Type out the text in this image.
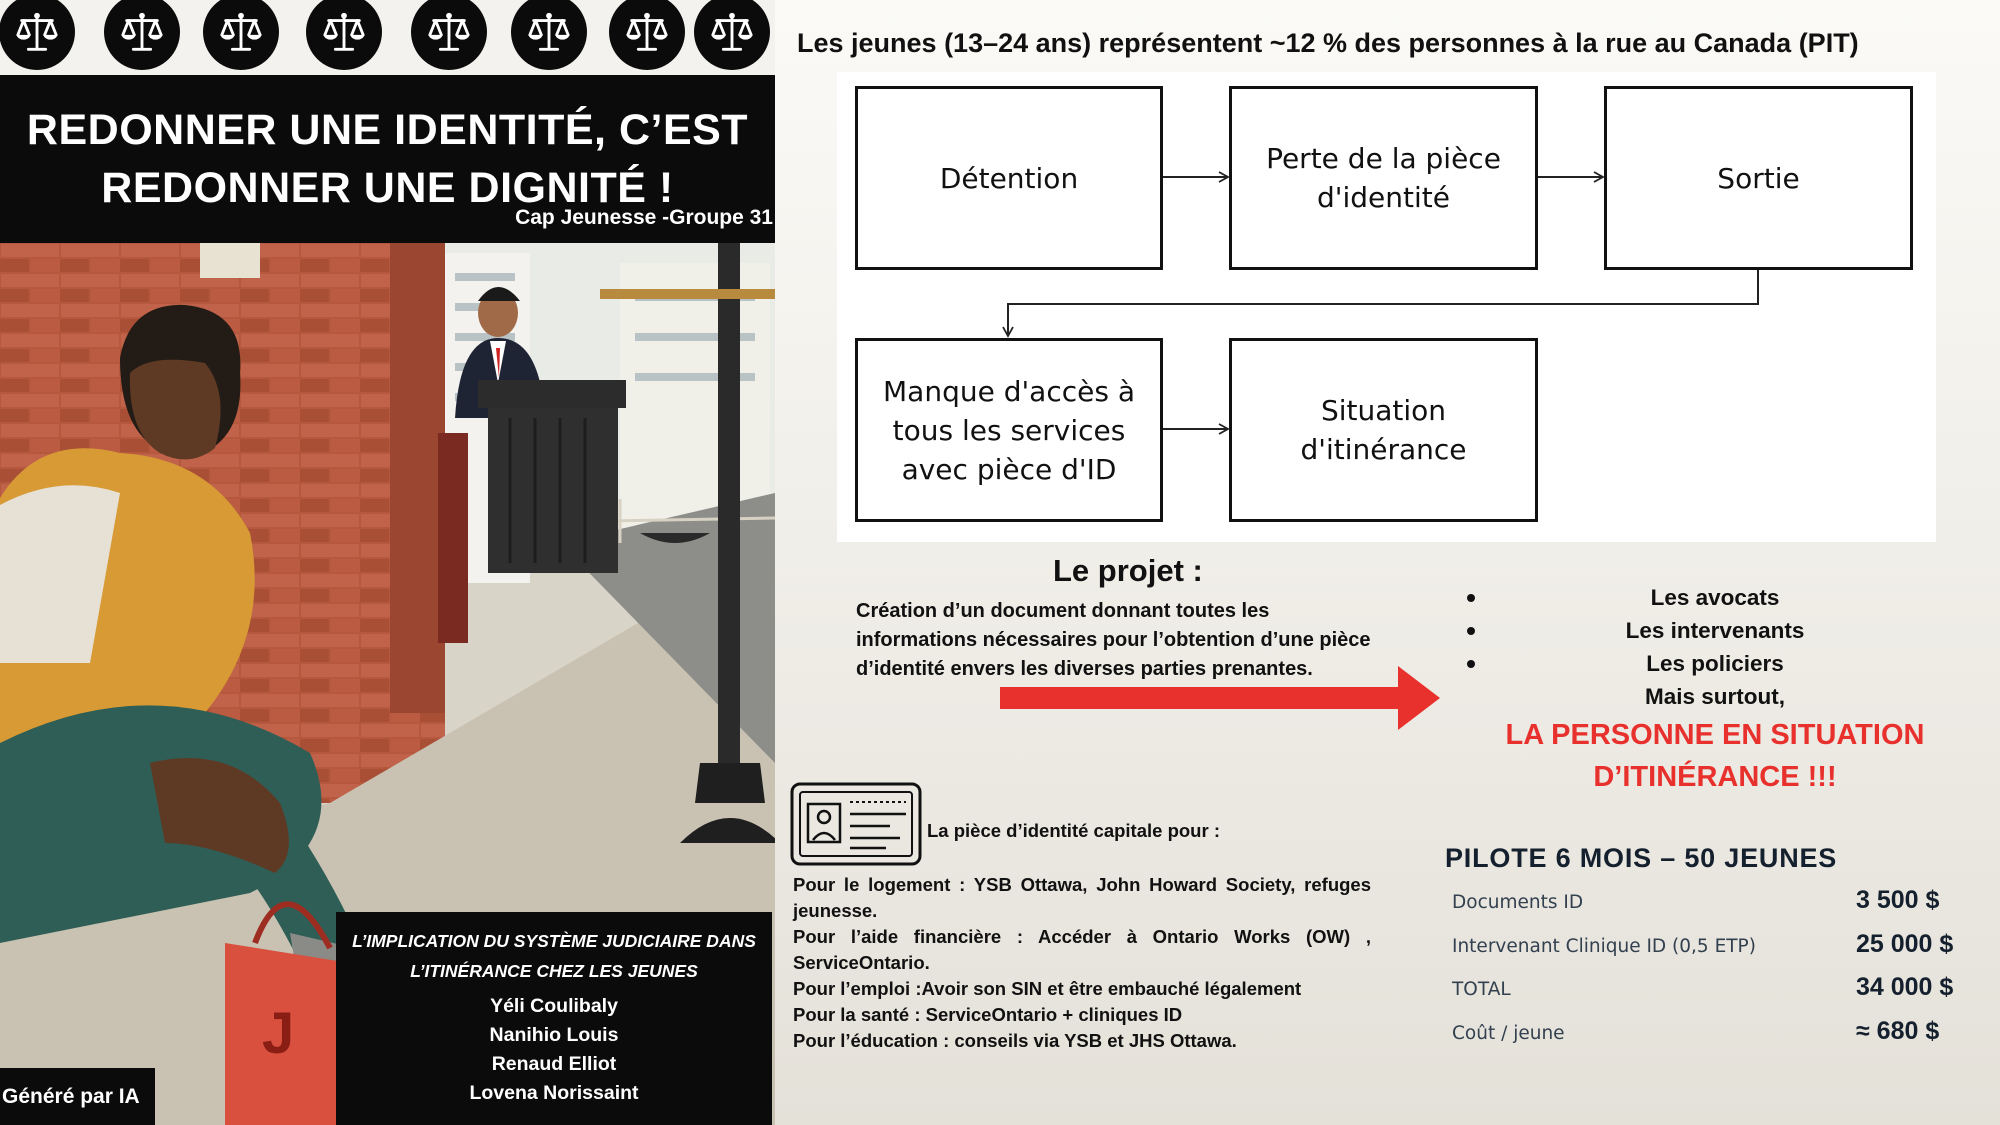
REDONNER UNE IDENTITÉ, C’EST REDONNER UNE DIGNITÉ !
Cap Jeunesse -Groupe 31
J
L’IMPLICATION DU SYSTÈME JUDICIAIRE DANS L’ITINÉRANCE CHEZ LES JEUNES
Yéli Coulibaly
Nanihio Louis
Renaud Elliot
Lovena Norissaint
Généré par IA
Les jeunes (13–24 ans) représentent ~12 % des personnes à la rue au Canada (PIT)
Détention
Perte de la pièce d'identité
Sortie
Manque d'accès à tous les services avec pièce d'ID
Situation d'itinérance
Le projet :
Création d’un document donnant toutes les informations nécessaires pour l’obtention d’une pièce d’identité envers les diverses parties prenantes.
Les avocats
Les intervenants
Les policiers
Mais surtout,
LA PERSONNE EN SITUATION D’ITINÉRANCE !!!
La pièce d’identité capitale pour :
Pour le logement : YSB Ottawa, John Howard Society, refuges jeunesse.
Pour l’aide financière : Accéder à Ontario Works (OW) , ServiceOntario.
Pour l’emploi :Avoir son SIN et être embauché légalement
Pour la santé : ServiceOntario + cliniques ID
Pour l’éducation : conseils via YSB et JHS Ottawa.
PILOTE 6 MOIS – 50 JEUNES
Documents ID	3 500 $
Intervenant Clinique ID (0,5 ETP)	25 000 $
TOTAL	34 000 $
Coût / jeune	≈ 680 $
